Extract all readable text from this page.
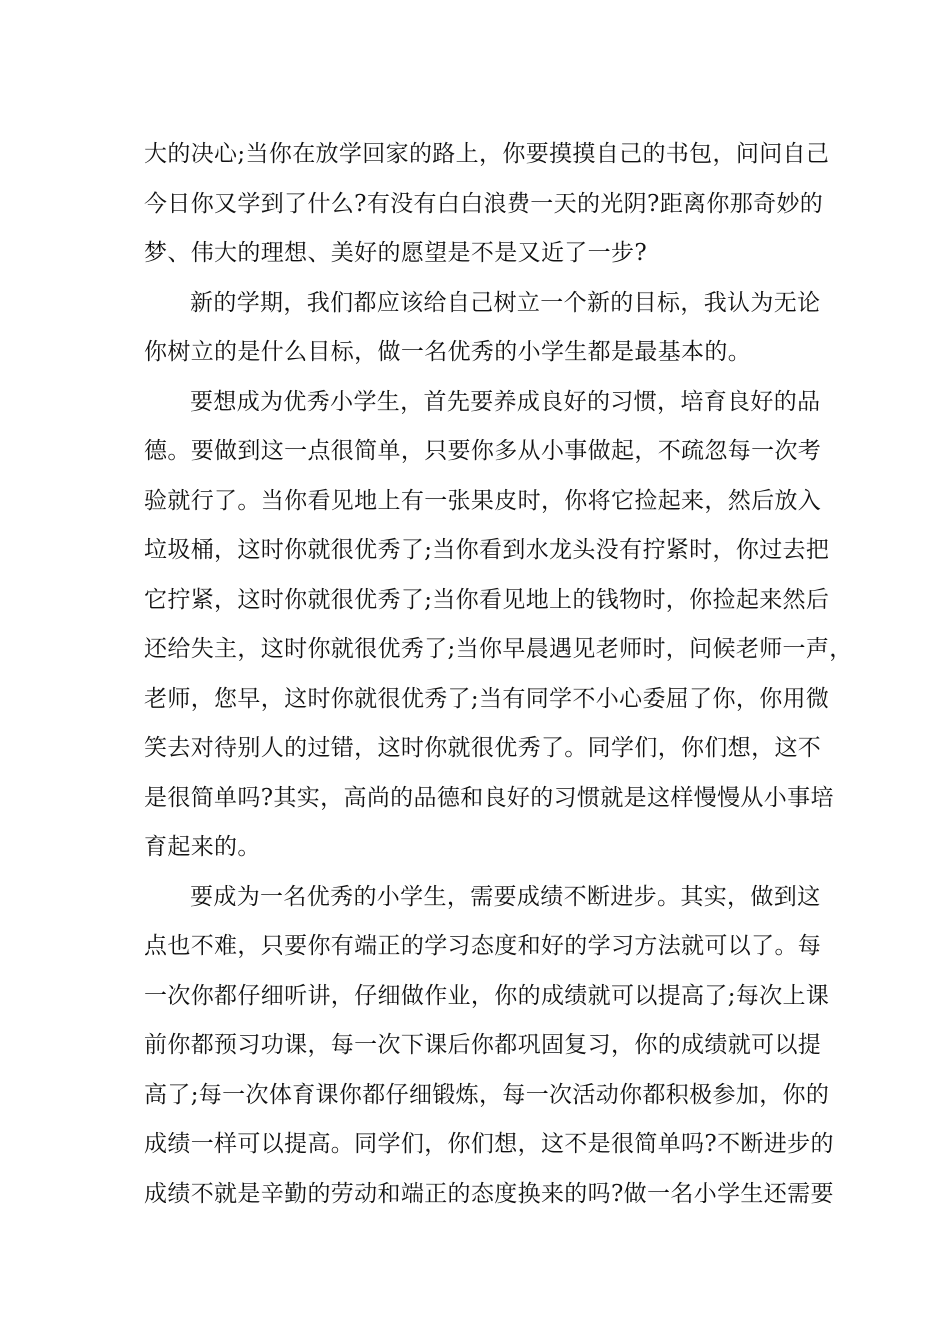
大的决心;当你在放学回家的路上，你要摸摸自己的书包，问问自己
今日你又学到了什么?有没有白白浪费一天的光阴?距离你那奇妙的
梦、伟大的理想、美好的愿望是不是又近了一步?
新的学期，我们都应该给自己树立一个新的目标，我认为无论
你树立的是什么目标，做一名优秀的小学生都是最基本的。
要想成为优秀小学生，首先要养成良好的习惯，培育良好的品
德。要做到这一点很简单，只要你多从小事做起，不疏忽每一次考
验就行了。当你看见地上有一张果皮时，你将它捡起来，然后放入
垃圾桶，这时你就很优秀了;当你看到水龙头没有拧紧时，你过去把
它拧紧，这时你就很优秀了;当你看见地上的钱物时，你捡起来然后
还给失主，这时你就很优秀了;当你早晨遇见老师时，问候老师一声，
老师，您早，这时你就很优秀了;当有同学不小心委屈了你，你用微
笑去对待别人的过错，这时你就很优秀了。同学们，你们想，这不
是很简单吗?其实，高尚的品德和良好的习惯就是这样慢慢从小事培
育起来的。
要成为一名优秀的小学生，需要成绩不断进步。其实，做到这
点也不难，只要你有端正的学习态度和好的学习方法就可以了。每
一次你都仔细听讲，仔细做作业，你的成绩就可以提高了;每次上课
前你都预习功课，每一次下课后你都巩固复习，你的成绩就可以提
高了;每一次体育课你都仔细锻炼，每一次活动你都积极参加，你的
成绩一样可以提高。同学们，你们想，这不是很简单吗?不断进步的
成绩不就是辛勤的劳动和端正的态度换来的吗?做一名小学生还需要
